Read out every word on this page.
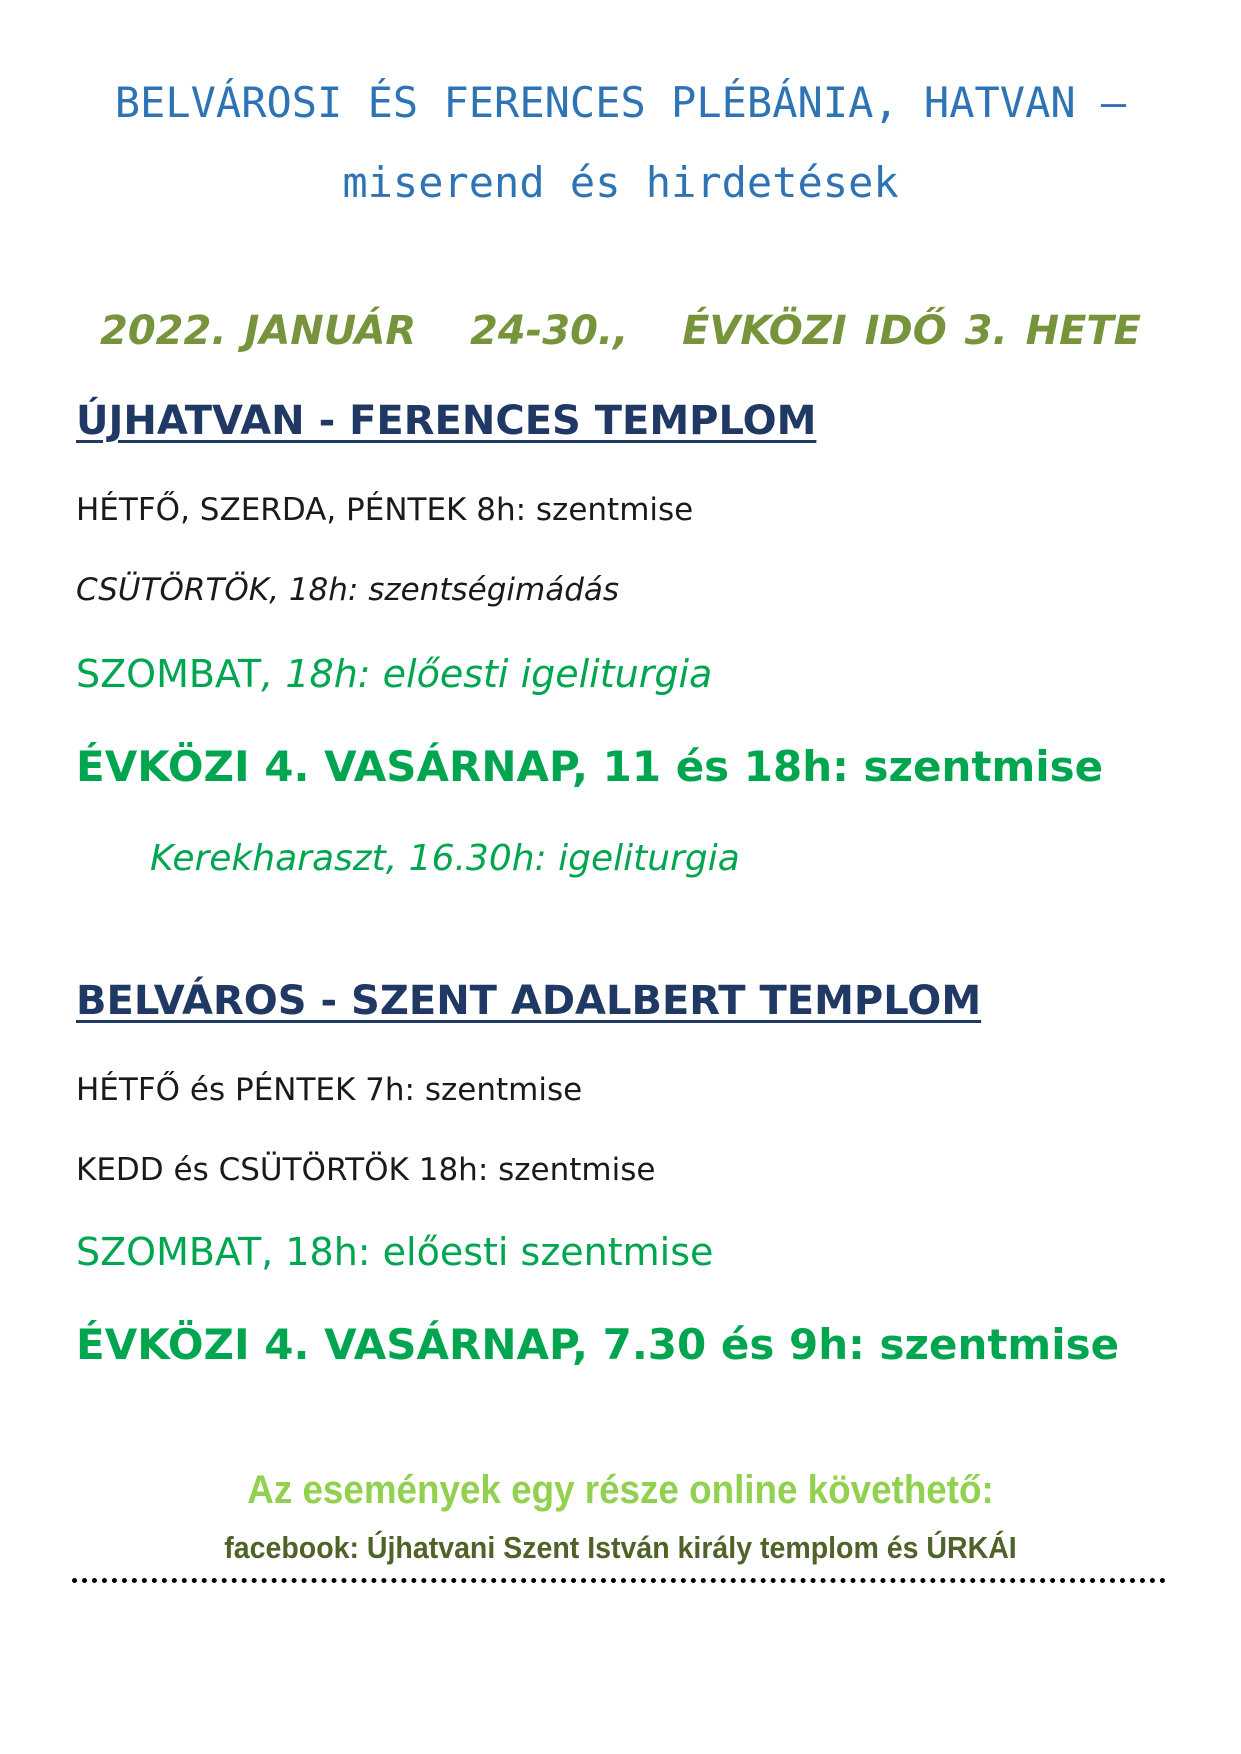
BELVÁROSI ÉS FERENCES PLÉBÁNIA, HATVAN –
miserend és hirdetések
2022. JANUÁR   24-30.,   ÉVKÖZI IDŐ 3. HETE
ÚJHATVAN - FERENCES TEMPLOM
HÉTFŐ, SZERDA, PÉNTEK 8h: szentmise
CSÜTÖRTÖK, 18h: szentségimádás
SZOMBAT, 18h: előesti igeliturgia
ÉVKÖZI 4. VASÁRNAP, 11 és 18h: szentmise
Kerekharaszt, 16.30h: igeliturgia
BELVÁROS - SZENT ADALBERT TEMPLOM
HÉTFŐ és PÉNTEK 7h: szentmise
KEDD és CSÜTÖRTÖK 18h: szentmise
SZOMBAT, 18h: előesti szentmise
ÉVKÖZI 4. VASÁRNAP, 7.30 és 9h: szentmise
Az események egy része online követhető:
facebook: Újhatvani Szent István király templom és ÚRKÁI
